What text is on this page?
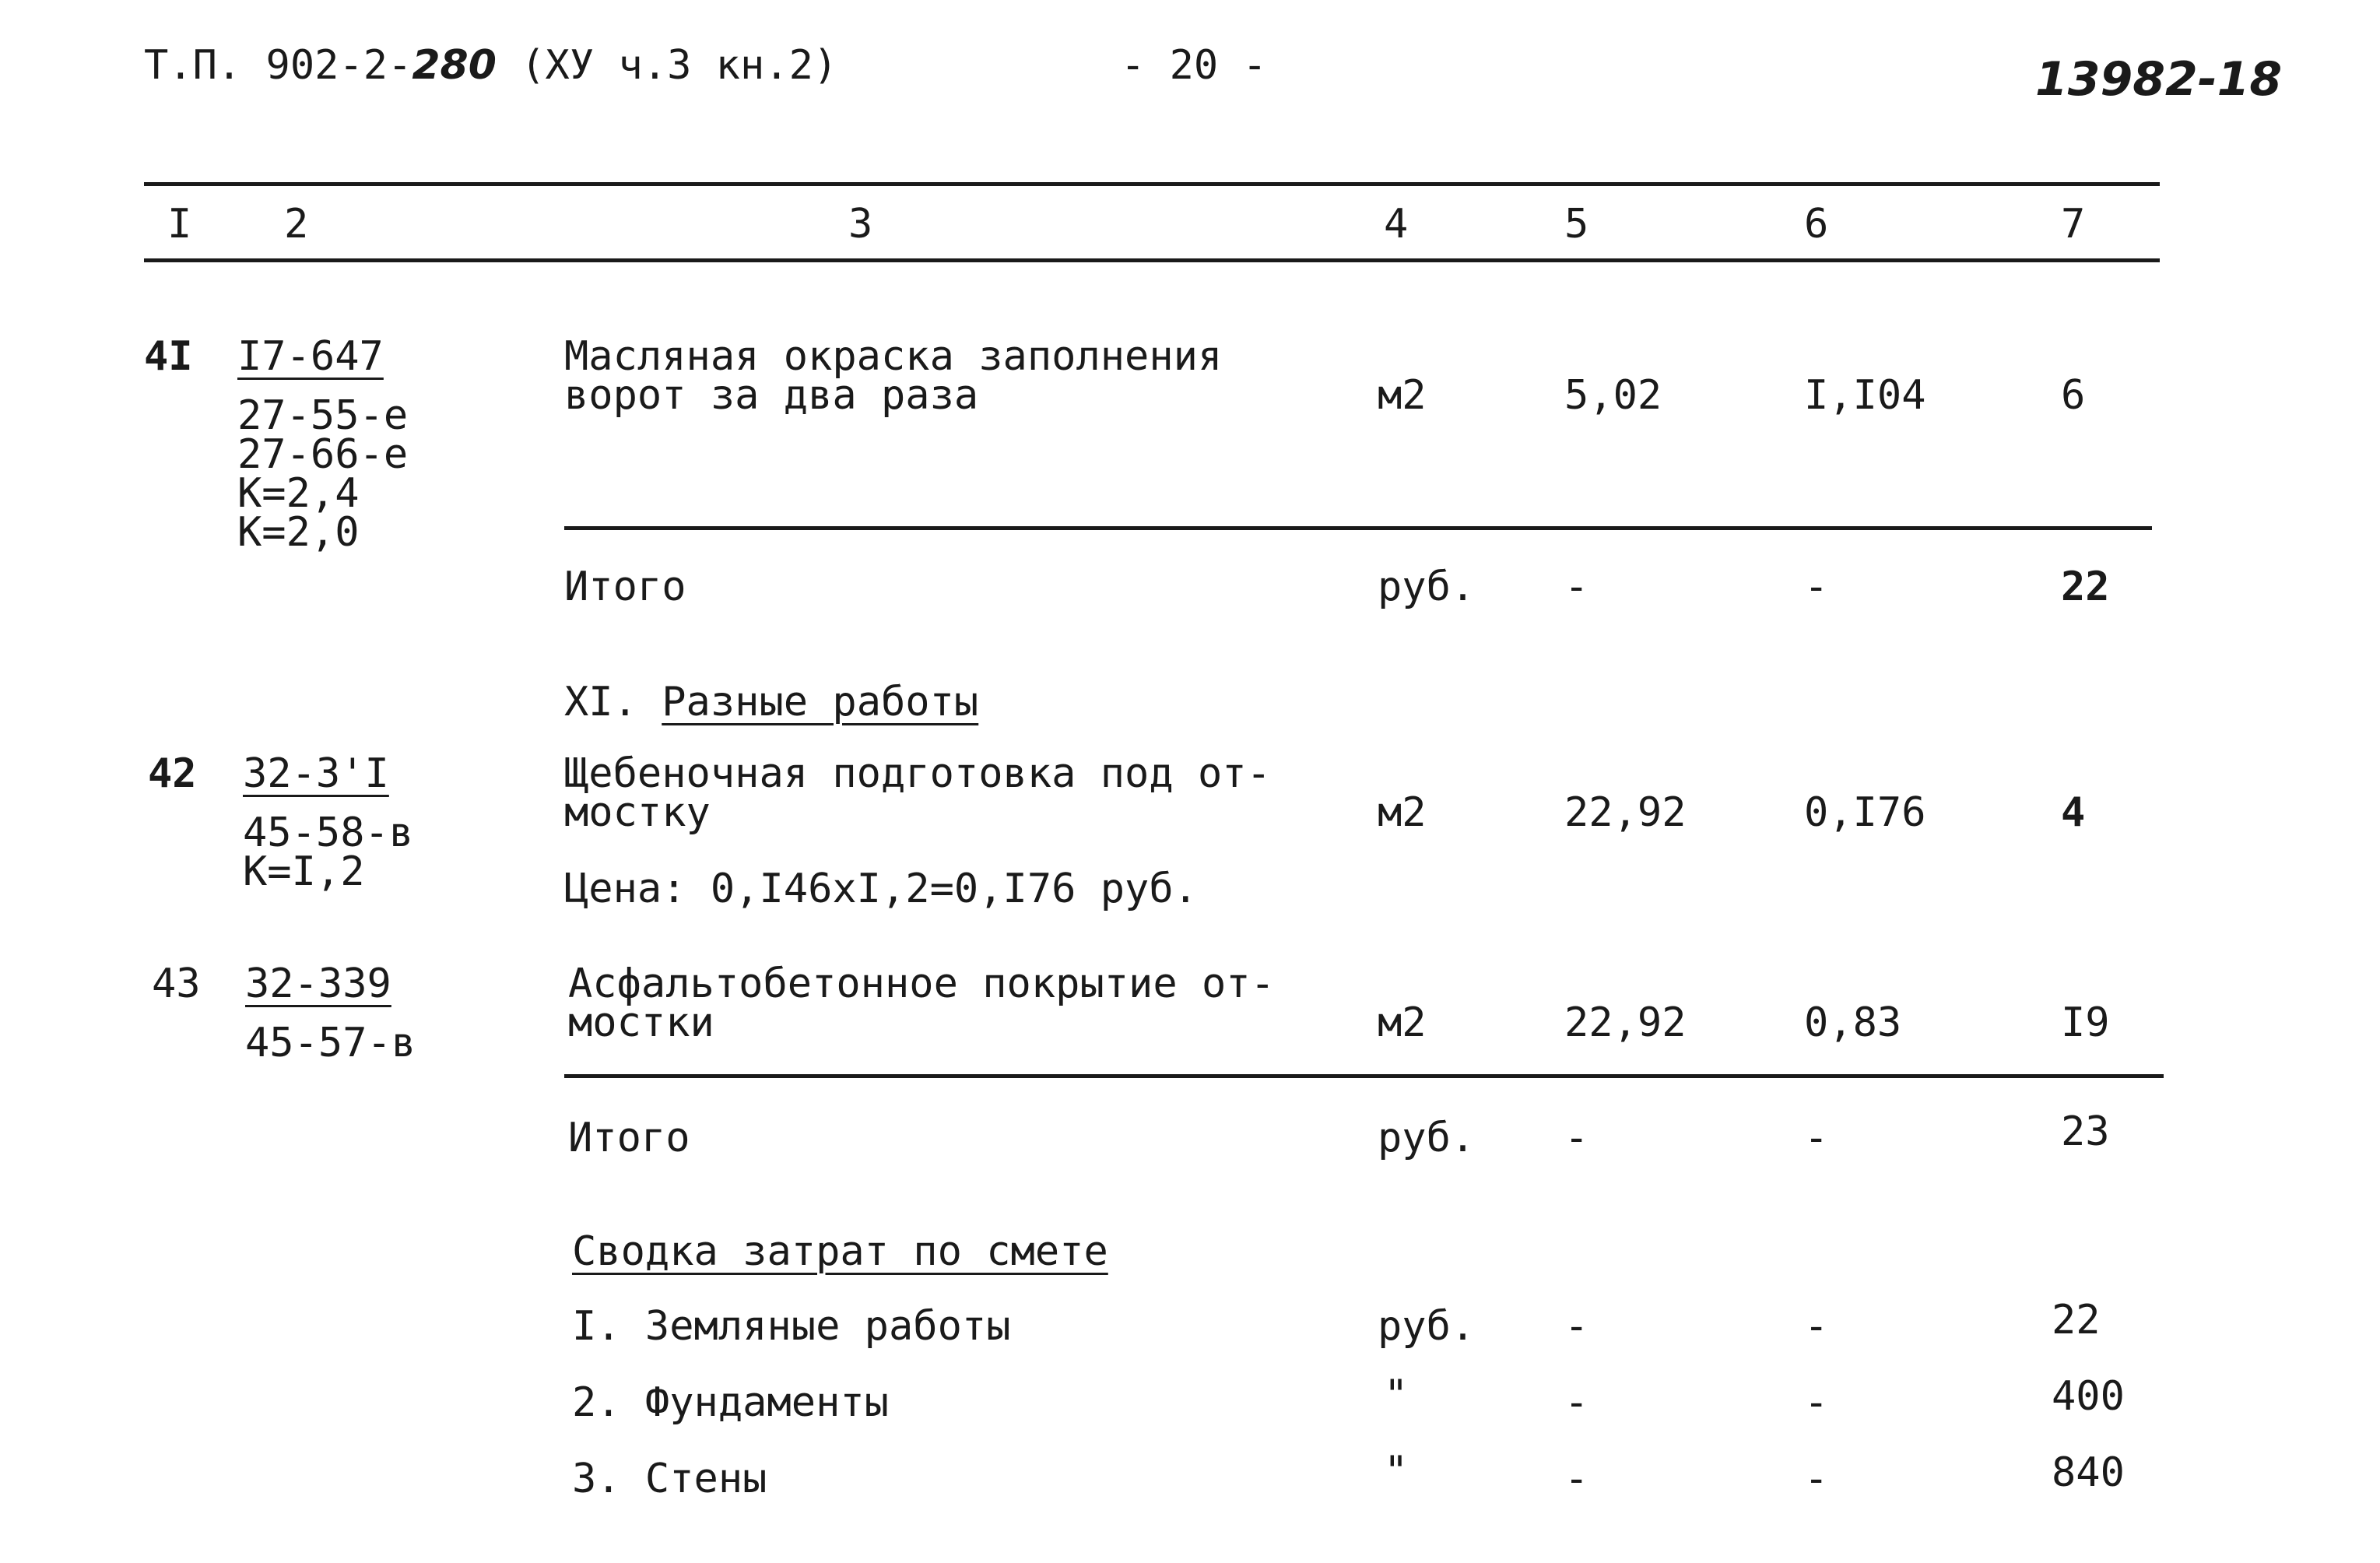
Т.П. 902-2-280 (ХУ ч.3 кн.2)	- 20 -	13982-18
I 2	3	4	5	6	7
4I I7-647
27-55-е
27-66-е
К=2,4
К=2,0
Масляная окраска заполнения
ворот за два раза	м2	5,02	I,I04	6
Итого	руб. -	-	22
XI. Разные работы
42 32-3'I
45-58-в
К=I,2
Щебеночная подготовка под от-
мостку
Цена: 0,I46xI,2=0,I76 руб.
м2	22,92	0,I76	4
43 32-339
45-57-в
Асфальтобетонное покрытие от-
мостки	м2	22,92	0,83	I9
Итого	руб. -	-	23
Сводка затрат по смете
I. Земляные работы	руб. -	-	22
2. Фундаменты	"	-	-	400
3. Стены	"	-	-	840
